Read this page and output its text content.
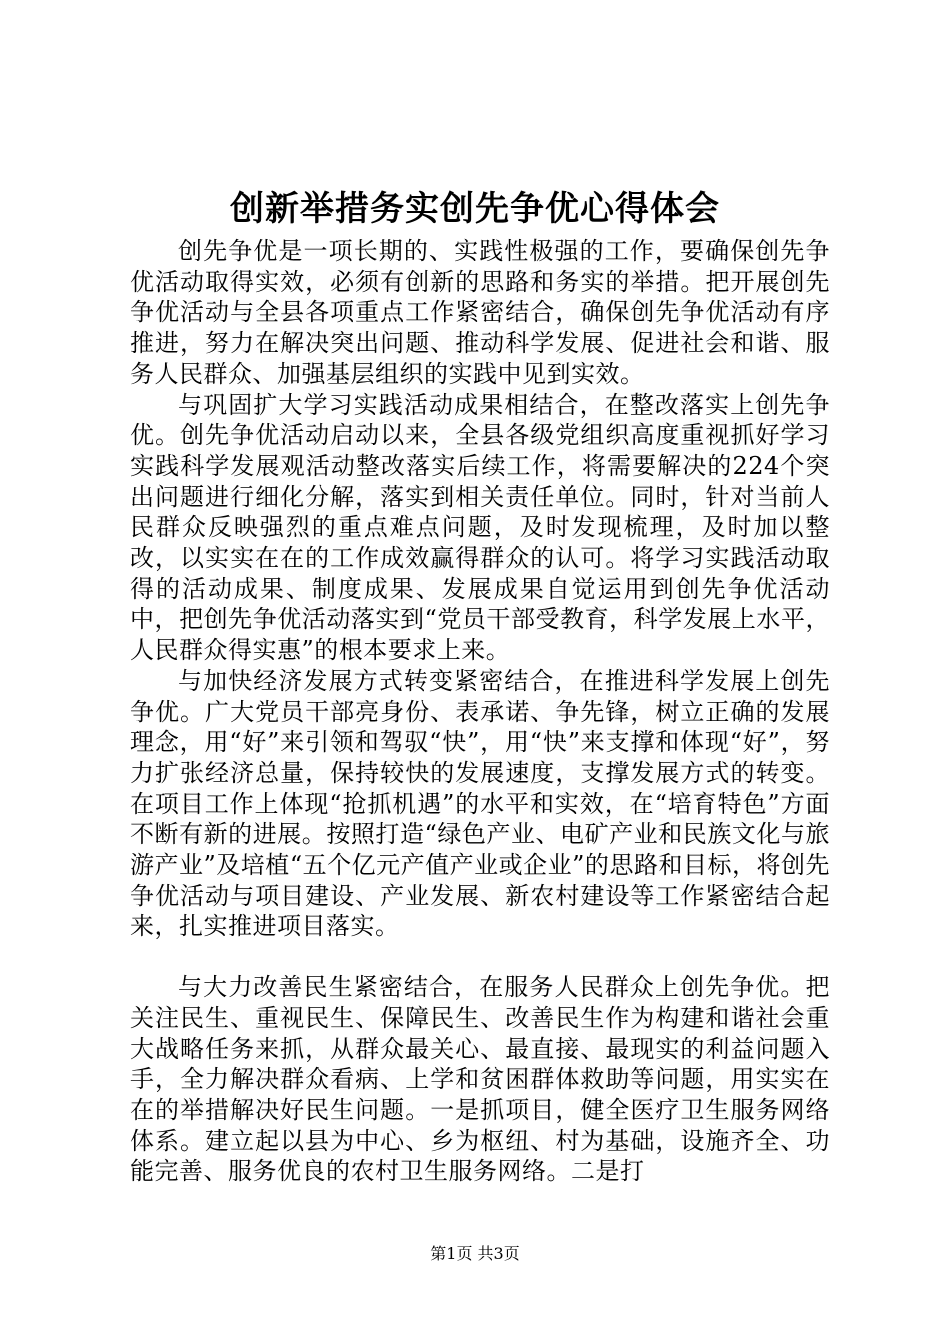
创新举措务实创先争优心得体会

创先争优是一项长期的、实践性极强的工作，要确保创先争优活动取得实效，必须有创新的思路和务实的举措。把开展创先争优活动与全县各项重点工作紧密结合，确保创先争优活动有序推进，努力在解决突出问题、推动科学发展、促进社会和谐、服务人民群众、加强基层组织的实践中见到实效。

与巩固扩大学习实践活动成果相结合，在整改落实上创先争优。创先争优活动启动以来，全县各级党组织高度重视抓好学习实践科学发展观活动整改落实后续工作，将需要解决的224个突出问题进行细化分解，落实到相关责任单位。同时，针对当前人民群众反映强烈的重点难点问题，及时发现梳理，及时加以整改，以实实在在的工作成效赢得群众的认可。将学习实践活动取得的活动成果、制度成果、发展成果自觉运用到创先争优活动中，把创先争优活动落实到“党员干部受教育，科学发展上水平，人民群众得实惠”的根本要求上来。

与加快经济发展方式转变紧密结合，在推进科学发展上创先争优。广大党员干部亮身份、表承诺、争先锋，树立正确的发展理念，用“好”来引领和驾驭“快”，用“快”来支撑和体现“好”，努力扩张经济总量，保持较快的发展速度，支撑发展方式的转变。在项目工作上体现“抢抓机遇”的水平和实效，在“培育特色”方面不断有新的进展。按照打造“绿色产业、电矿产业和民族文化与旅游产业”及培植“五个亿元产值产业或企业”的思路和目标，将创先争优活动与项目建设、产业发展、新农村建设等工作紧密结合起来，扎实推进项目落实。

与大力改善民生紧密结合，在服务人民群众上创先争优。把关注民生、重视民生、保障民生、改善民生作为构建和谐社会重大战略任务来抓，从群众最关心、最直接、最现实的利益问题入手，全力解决群众看病、上学和贫困群体救助等问题，用实实在在的举措解决好民生问题。一是抓项目，健全医疗卫生服务网络体系。建立起以县为中心、乡为枢纽、村为基础，设施齐全、功能完善、服务优良的农村卫生服务网络。二是打

第1页 共3页
